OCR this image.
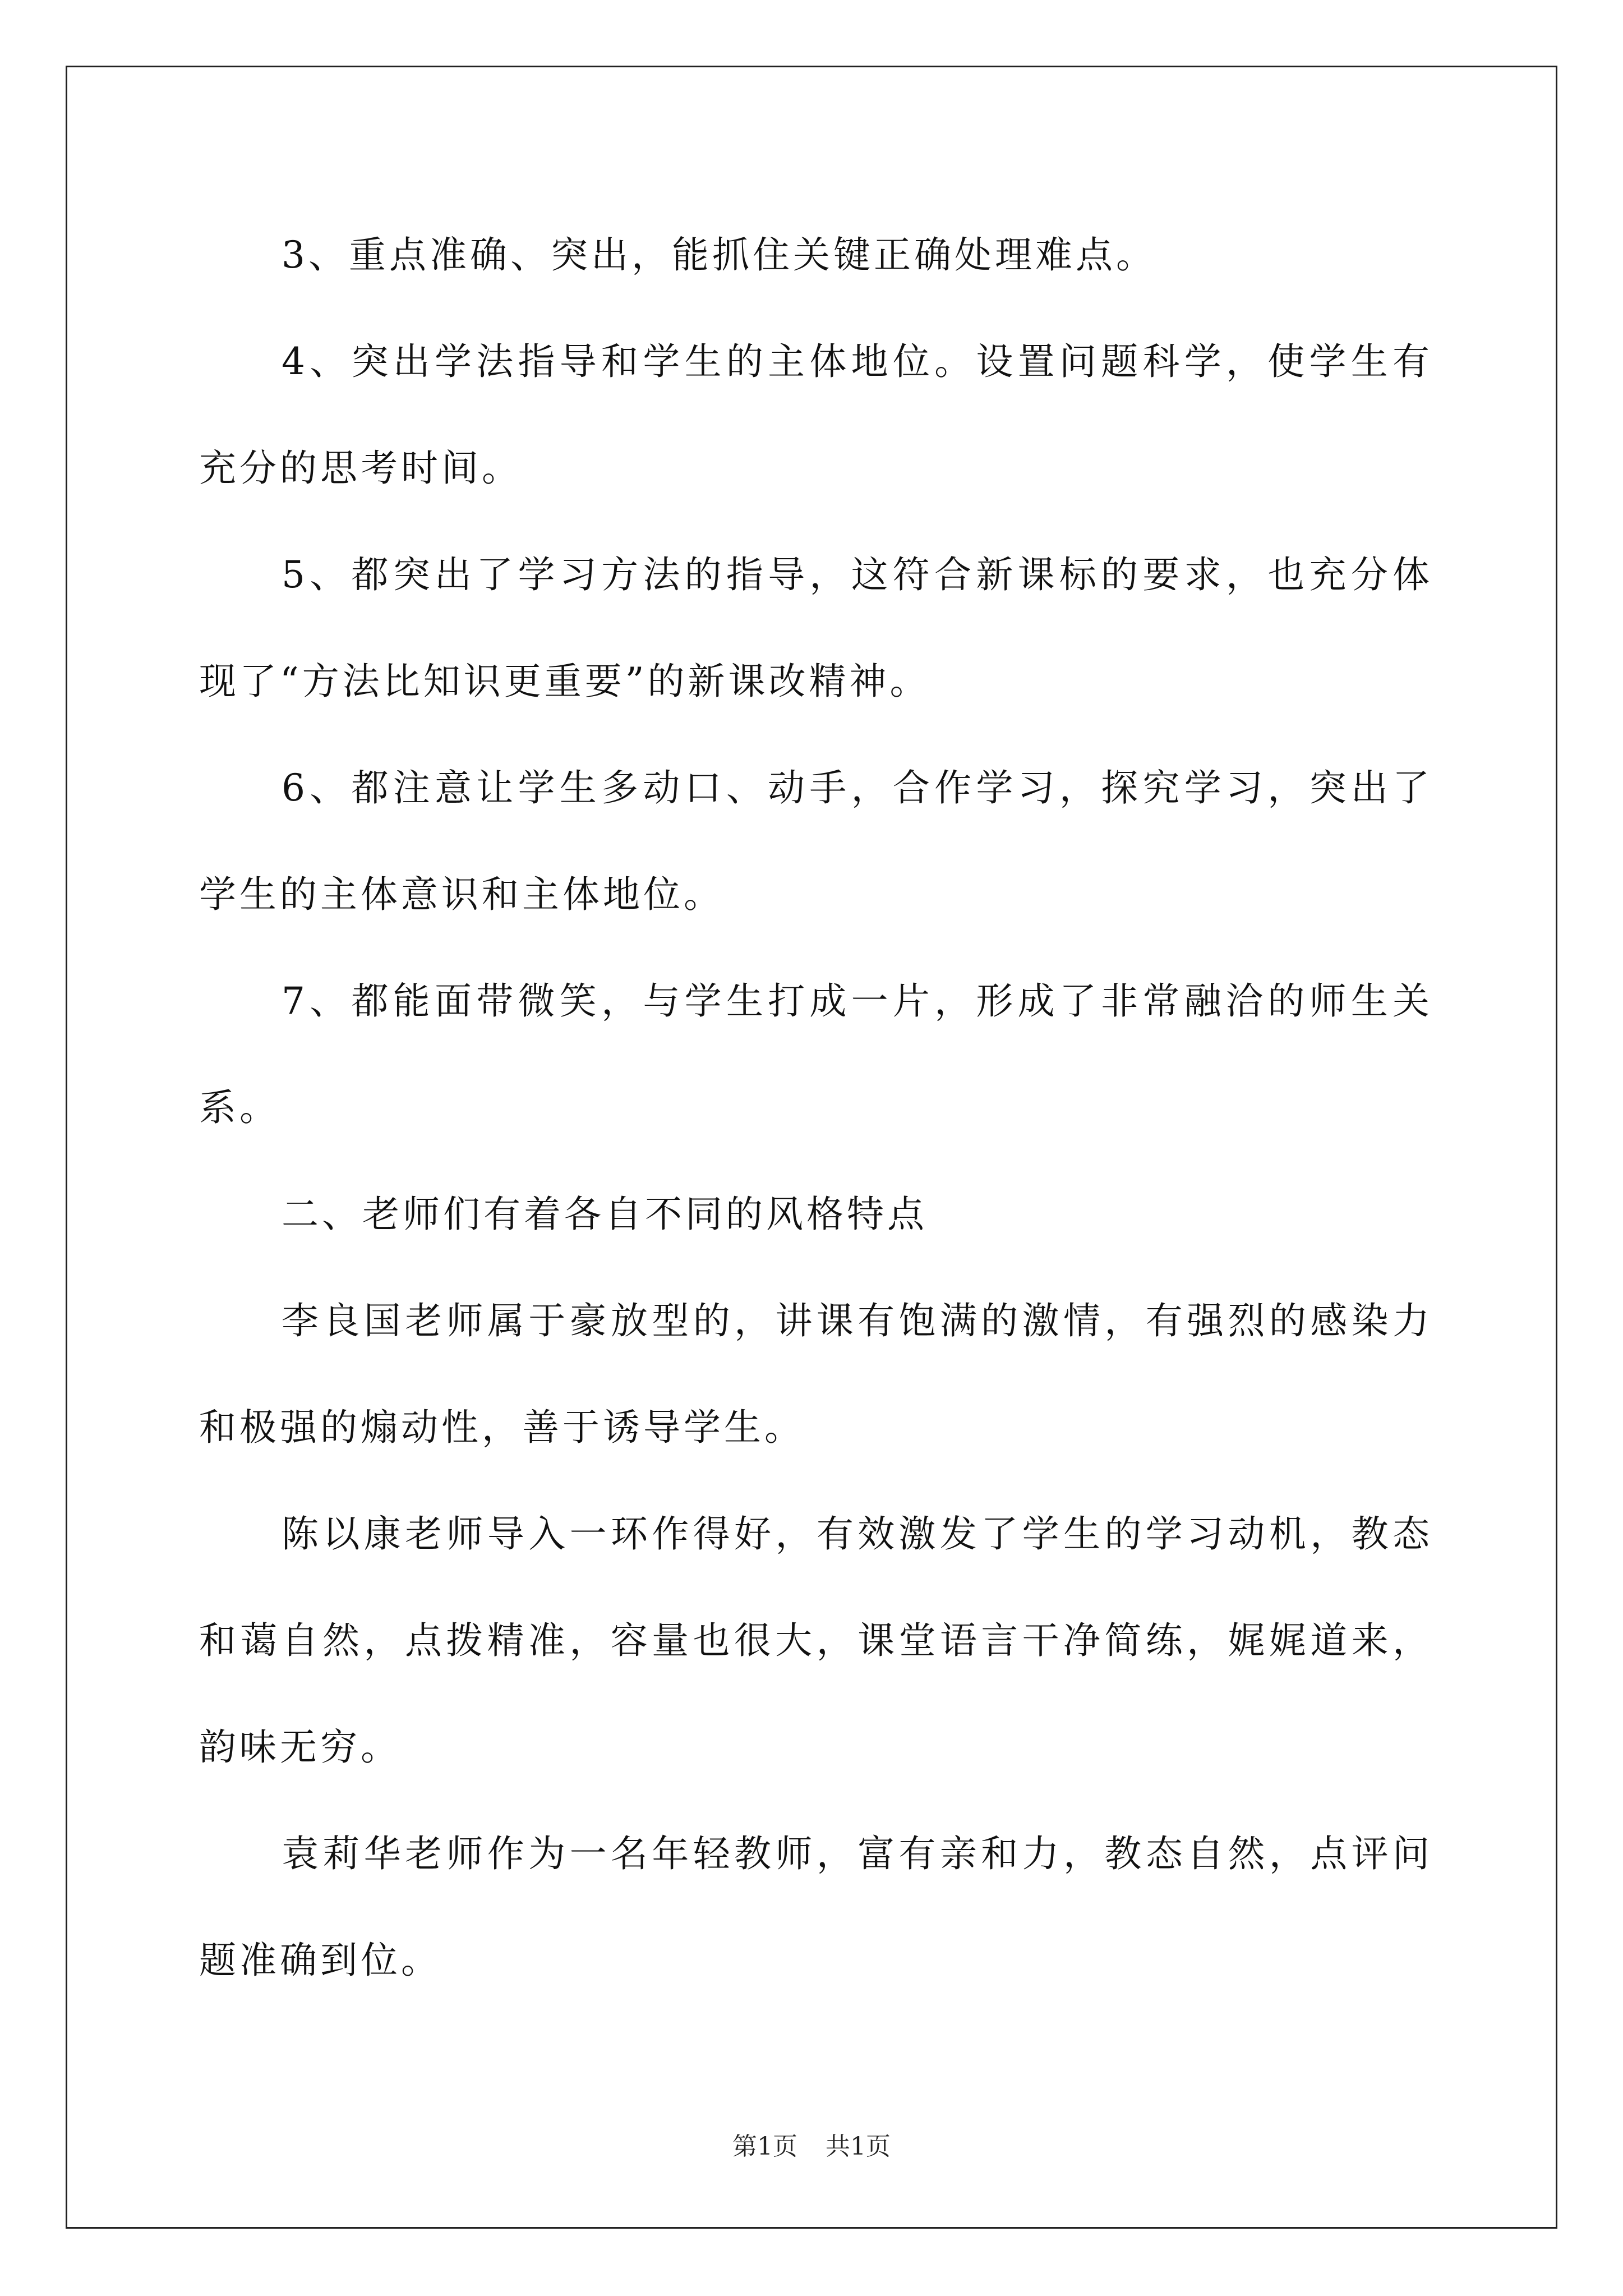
3、重点准确、突出，能抓住关键正确处理难点。

4、突出学法指导和学生的主体地位。设置问题科学，使学生有充分的思考时间。

5、都突出了学习方法的指导，这符合新课标的要求，也充分体现了“方法比知识更重要”的新课改精神。

6、都注意让学生多动口、动手，合作学习，探究学习，突出了学生的主体意识和主体地位。

7、都能面带微笑，与学生打成一片，形成了非常融洽的师生关系。

二、老师们有着各自不同的风格特点

李良国老师属于豪放型的，讲课有饱满的激情，有强烈的感染力和极强的煽动性，善于诱导学生。

陈以康老师导入一环作得好，有效激发了学生的学习动机，教态和蔼自然，点拨精准，容量也很大，课堂语言干净简练，娓娓道来，韵味无穷。

袁莉华老师作为一名年轻教师，富有亲和力，教态自然，点评问题准确到位。

第1页 共1页
